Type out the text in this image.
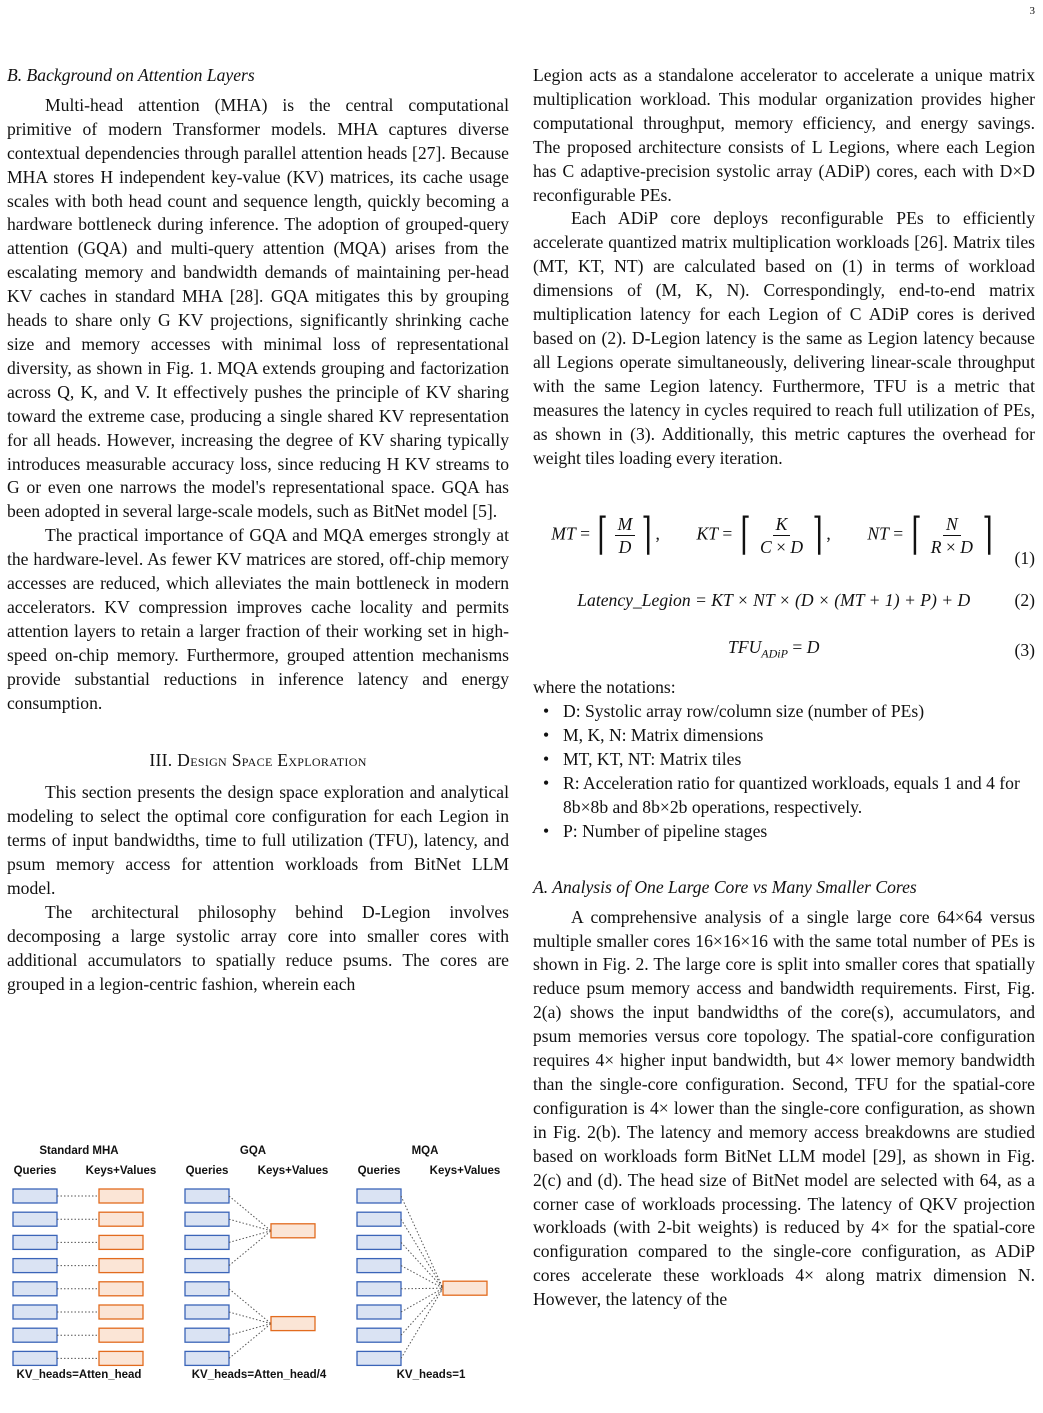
3
B. Background on Attention Layers

Multi-head attention (MHA) is the central computational primitive of modern Transformer models. MHA captures diverse contextual dependencies through parallel attention heads [27]. Because MHA stores H independent key-value (KV) matrices, its cache usage scales with both head count and sequence length, quickly becoming a hardware bottleneck during inference. The adoption of grouped-query attention (GQA) and multi-query attention (MQA) arises from the escalating memory and bandwidth demands of maintaining per-head KV caches in standard MHA [28]. GQA mitigates this by grouping heads to share only G KV projections, significantly shrinking cache size and memory accesses with minimal loss of representational diversity, as shown in Fig. 1. MQA extends grouping and factorization across Q, K, and V. It effectively pushes the principle of KV sharing toward the extreme case, producing a single shared KV representation for all heads. However, increasing the degree of KV sharing typically introduces measurable accuracy loss, since reducing H KV streams to G or even one narrows the model's representational space. GQA has been adopted in several large-scale models, such as BitNet model [5].

The practical importance of GQA and MQA emerges strongly at the hardware-level. As fewer KV matrices are stored, off-chip memory accesses are reduced, which alleviates the main bottleneck in modern accelerators. KV compression improves cache locality and permits attention layers to retain a larger fraction of their working set in high-speed on-chip memory. Furthermore, grouped attention mechanisms provide substantial reductions in inference latency and energy consumption.

III. Design Space Exploration

This section presents the design space exploration and analytical modeling to select the optimal core configuration for each Legion in terms of input bandwidths, time to full utilization (TFU), latency, and psum memory access for attention workloads from BitNet LLM model.

The architectural philosophy behind D-Legion involves decomposing a large systolic array core into smaller cores with additional accumulators to spatially reduce psums. The cores are grouped in a legion-centric fashion, wherein each

Standard MHA
Queries	Keys+Values
KV_heads=Atten_head
GQA
Queries	Keys+Values
KV_heads=Atten_head/4
MQA
Queries	Keys+Values
KV_heads=1

Legion acts as a standalone accelerator to accelerate a unique matrix multiplication workload. This modular organization provides higher computational throughput, memory efficiency, and energy savings. The proposed architecture consists of L Legions, where each Legion has C adaptive-precision systolic array (ADiP) cores, each with D×D reconfigurable PEs.

Each ADiP core deploys reconfigurable PEs to efficiently accelerate quantized matrix multiplication workloads [26]. Matrix tiles (MT, KT, NT) are calculated based on (1) in terms of workload dimensions of (M, K, N). Correspondingly, end-to-end matrix multiplication latency for each Legion of C ADiP cores is derived based on (2). D-Legion latency is the same as Legion latency because all Legions operate simultaneously, delivering linear-scale throughput with the same Legion latency. Furthermore, TFU is a metric that measures the latency in cycles required to reach full utilization of PEs, as shown in (3). Additionally, this metric captures the overhead for weight tiles loading every iteration.

MT = ⌈ $\frac{M}{D}$ ⌉ , KT = ⌈ $\frac{K}{C \times D}$ ⌉ , NT = ⌈ $\frac{N}{R \times D}$ ⌉ (1)
Latency_Legion = KT × NT × (D × (MT + 1) + P) + D	(2)
$TFU_{ADiP} = D$	(3)

where the notations:

• D: Systolic array row/column size (number of PEs)
• M, K, N: Matrix dimensions
• MT, KT, NT: Matrix tiles
• R: Acceleration ratio for quantized workloads, equals 1 and 4 for 8b×8b and 8b×2b operations, respectively.
• P: Number of pipeline stages
A. Analysis of One Large Core vs Many Smaller Cores

A comprehensive analysis of a single large core 64×64 versus multiple smaller cores 16×16×16 with the same total number of PEs is shown in Fig. 2. The large core is split into smaller cores that spatially reduce psum memory access and bandwidth requirements. First, Fig. 2(a) shows the input bandwidths of the core(s), accumulators, and psum memories versus core topology. The spatial-core configuration requires 4× higher input bandwidth, but 4× lower memory bandwidth than the single-core configuration. Second, TFU for the spatial-core configuration is 4× lower than the single-core configuration, as shown in Fig. 2(b). The latency and memory access breakdowns are studied based on workloads form BitNet LLM model [29], as shown in Fig. 2(c) and (d). The head size of BitNet model are selected with 64, as a corner case of workloads processing. The latency of QKV projection workloads (with 2-bit weights) is reduced by 4× for the spatial-core configuration compared to the single-core configuration, as ADiP cores accelerate these workloads 4× along matrix dimension N. However, the latency of the
